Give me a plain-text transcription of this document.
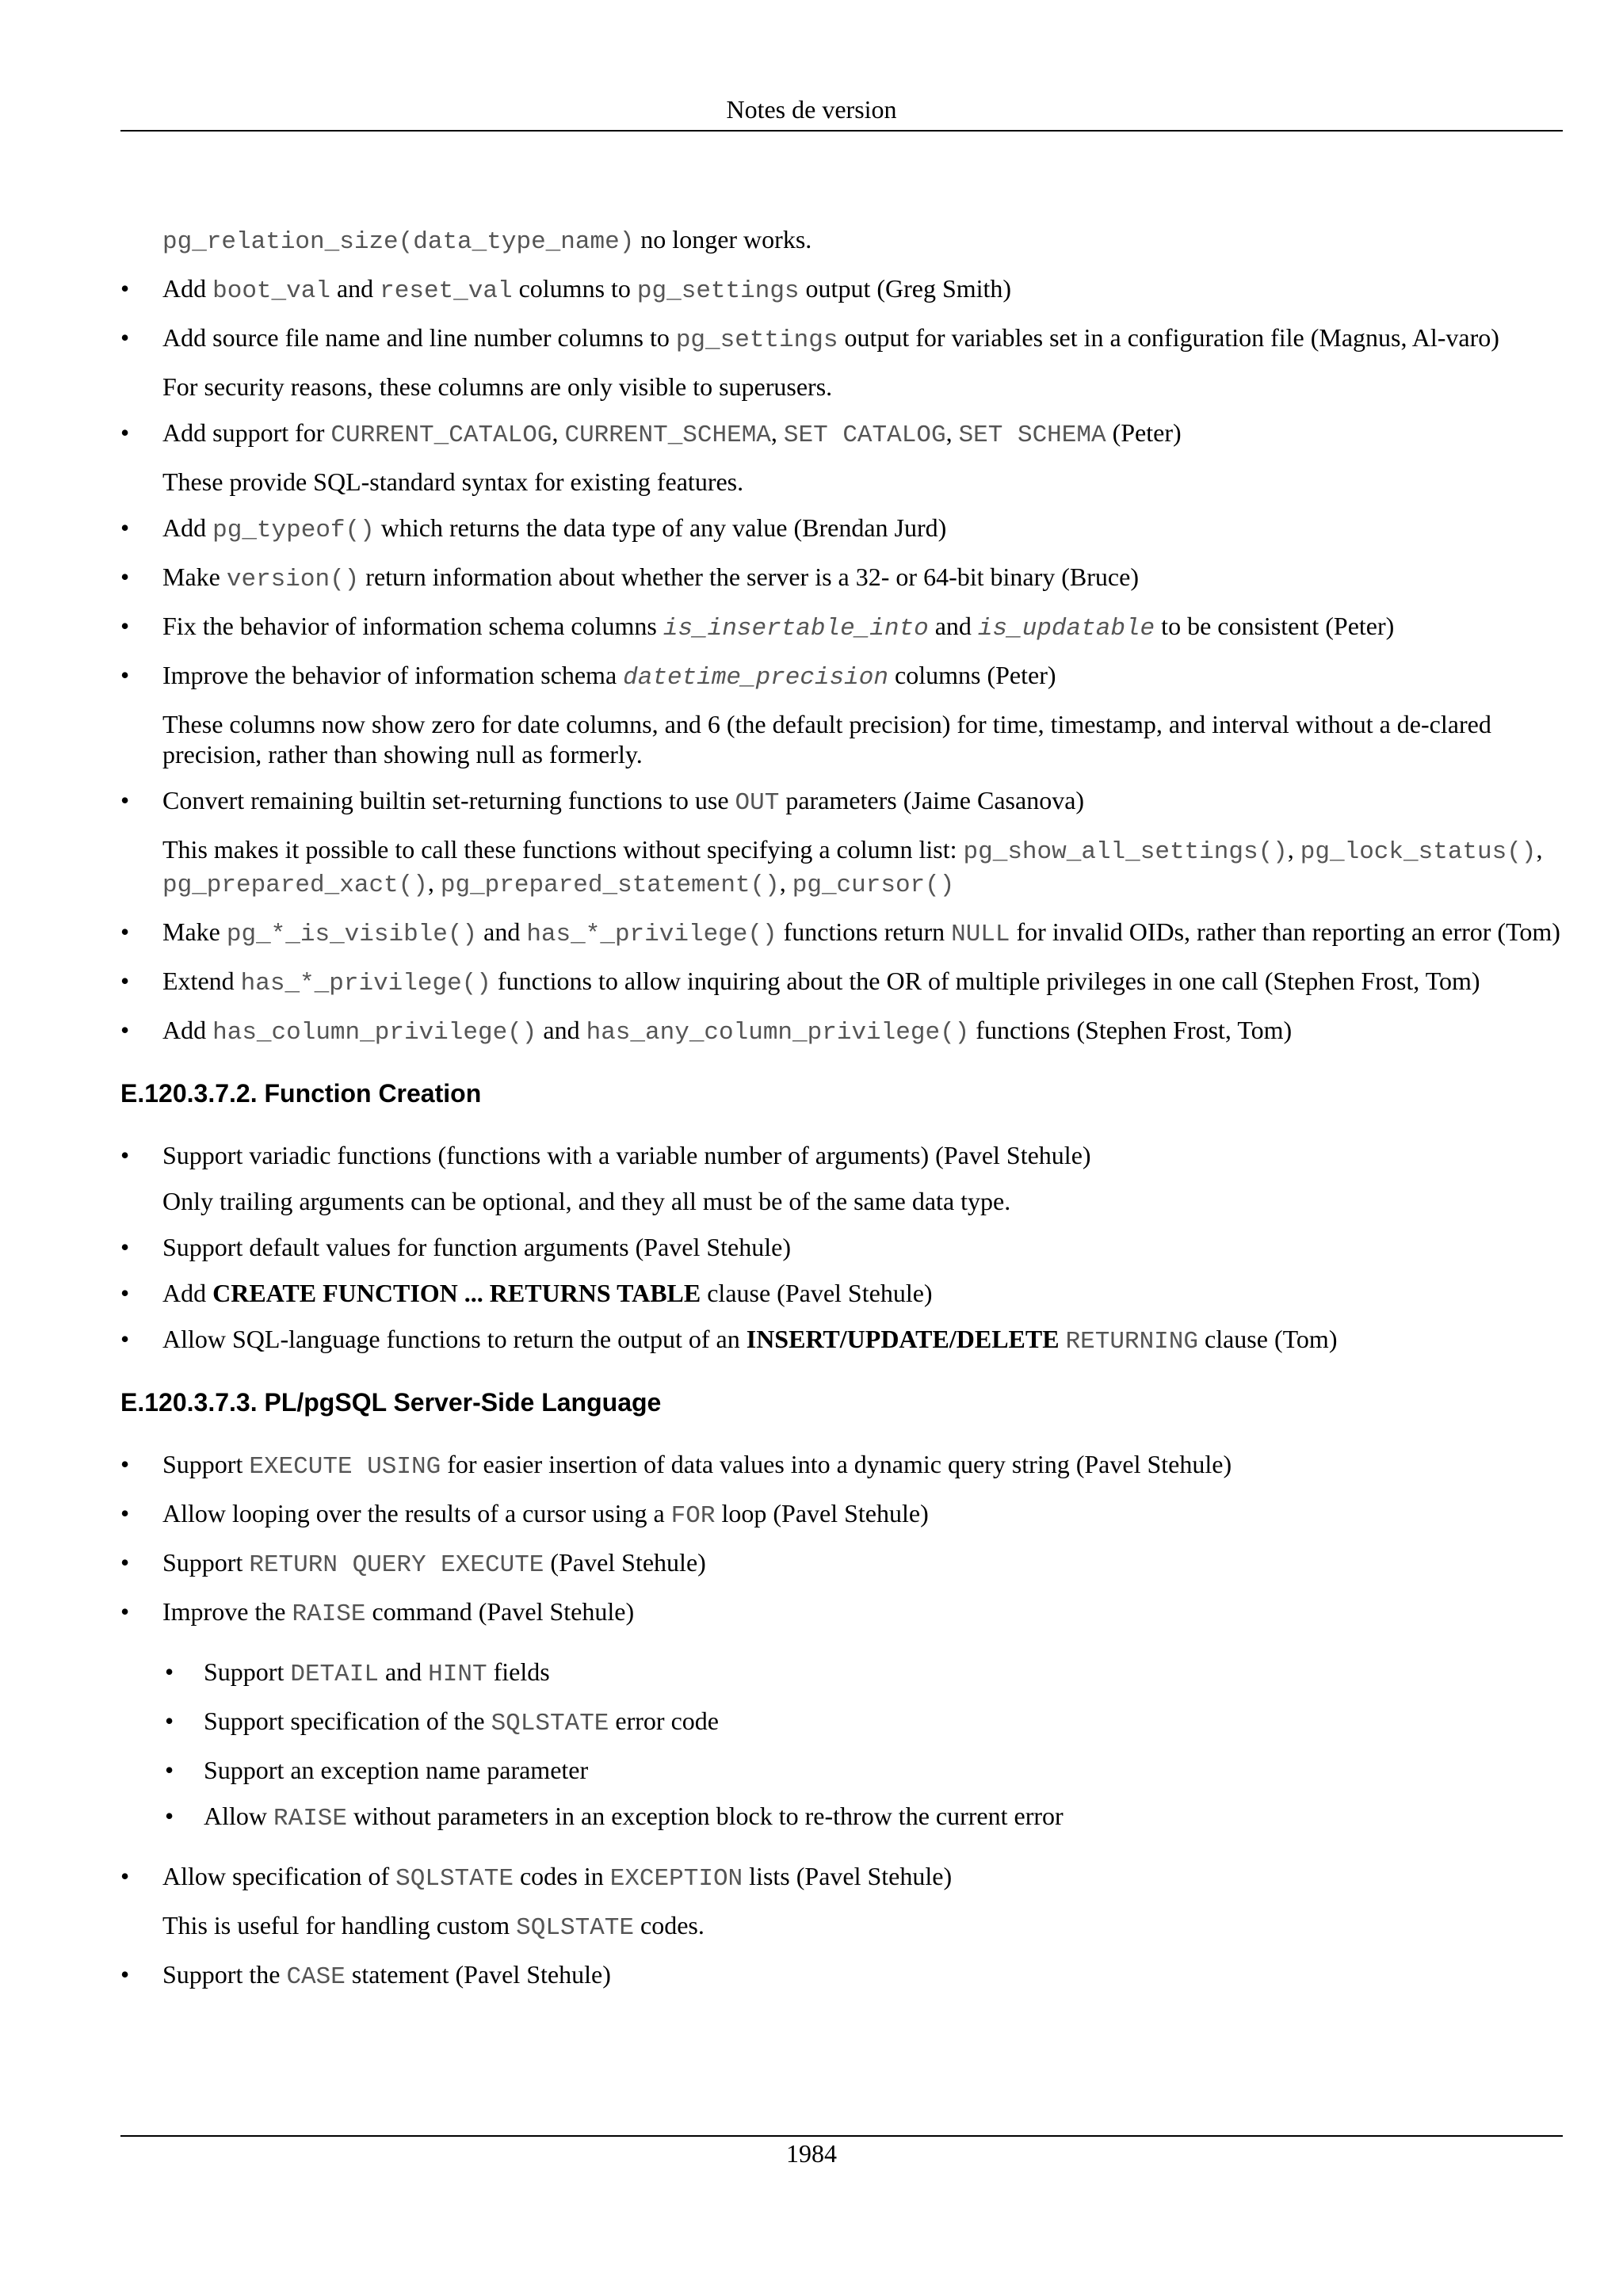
Notes de version
pg_relation_size(data_type_name) no longer works.
• Add boot_val and reset_val columns to pg_settings output (Greg Smith)
• Add source file name and line number columns to pg_settings output for variables set in a configuration file (Magnus, Al-varo)
For security reasons, these columns are only visible to superusers.
• Add support for CURRENT_CATALOG, CURRENT_SCHEMA, SET CATALOG, SET SCHEMA (Peter)
These provide SQL-standard syntax for existing features.
• Add pg_typeof() which returns the data type of any value (Brendan Jurd)
• Make version() return information about whether the server is a 32- or 64-bit binary (Bruce)
• Fix the behavior of information schema columns is_insertable_into and is_updatable to be consistent (Peter)
• Improve the behavior of information schema datetime_precision columns (Peter)
These columns now show zero for date columns, and 6 (the default precision) for time, timestamp, and interval without a de-clared precision, rather than showing null as formerly.
• Convert remaining builtin set-returning functions to use OUT parameters (Jaime Casanova)
This makes it possible to call these functions without specifying a column list: pg_show_all_settings(), pg_lock_status(), pg_prepared_xact(), pg_prepared_statement(), pg_cursor()
• Make pg_*_is_visible() and has_*_privilege() functions return NULL for invalid OIDs, rather than reporting an error (Tom)
• Extend has_*_privilege() functions to allow inquiring about the OR of multiple privileges in one call (Stephen Frost, Tom)
• Add has_column_privilege() and has_any_column_privilege() functions (Stephen Frost, Tom)
E.120.3.7.2. Function Creation
• Support variadic functions (functions with a variable number of arguments) (Pavel Stehule)
Only trailing arguments can be optional, and they all must be of the same data type.
• Support default values for function arguments (Pavel Stehule)
• Add CREATE FUNCTION ... RETURNS TABLE clause (Pavel Stehule)
• Allow SQL-language functions to return the output of an INSERT/UPDATE/DELETE RETURNING clause (Tom)
E.120.3.7.3. PL/pgSQL Server-Side Language
• Support EXECUTE USING for easier insertion of data values into a dynamic query string (Pavel Stehule)
• Allow looping over the results of a cursor using a FOR loop (Pavel Stehule)
• Support RETURN QUERY EXECUTE (Pavel Stehule)
• Improve the RAISE command (Pavel Stehule)
• Support DETAIL and HINT fields
• Support specification of the SQLSTATE error code
• Support an exception name parameter
• Allow RAISE without parameters in an exception block to re-throw the current error
• Allow specification of SQLSTATE codes in EXCEPTION lists (Pavel Stehule)
This is useful for handling custom SQLSTATE codes.
• Support the CASE statement (Pavel Stehule)
1984
